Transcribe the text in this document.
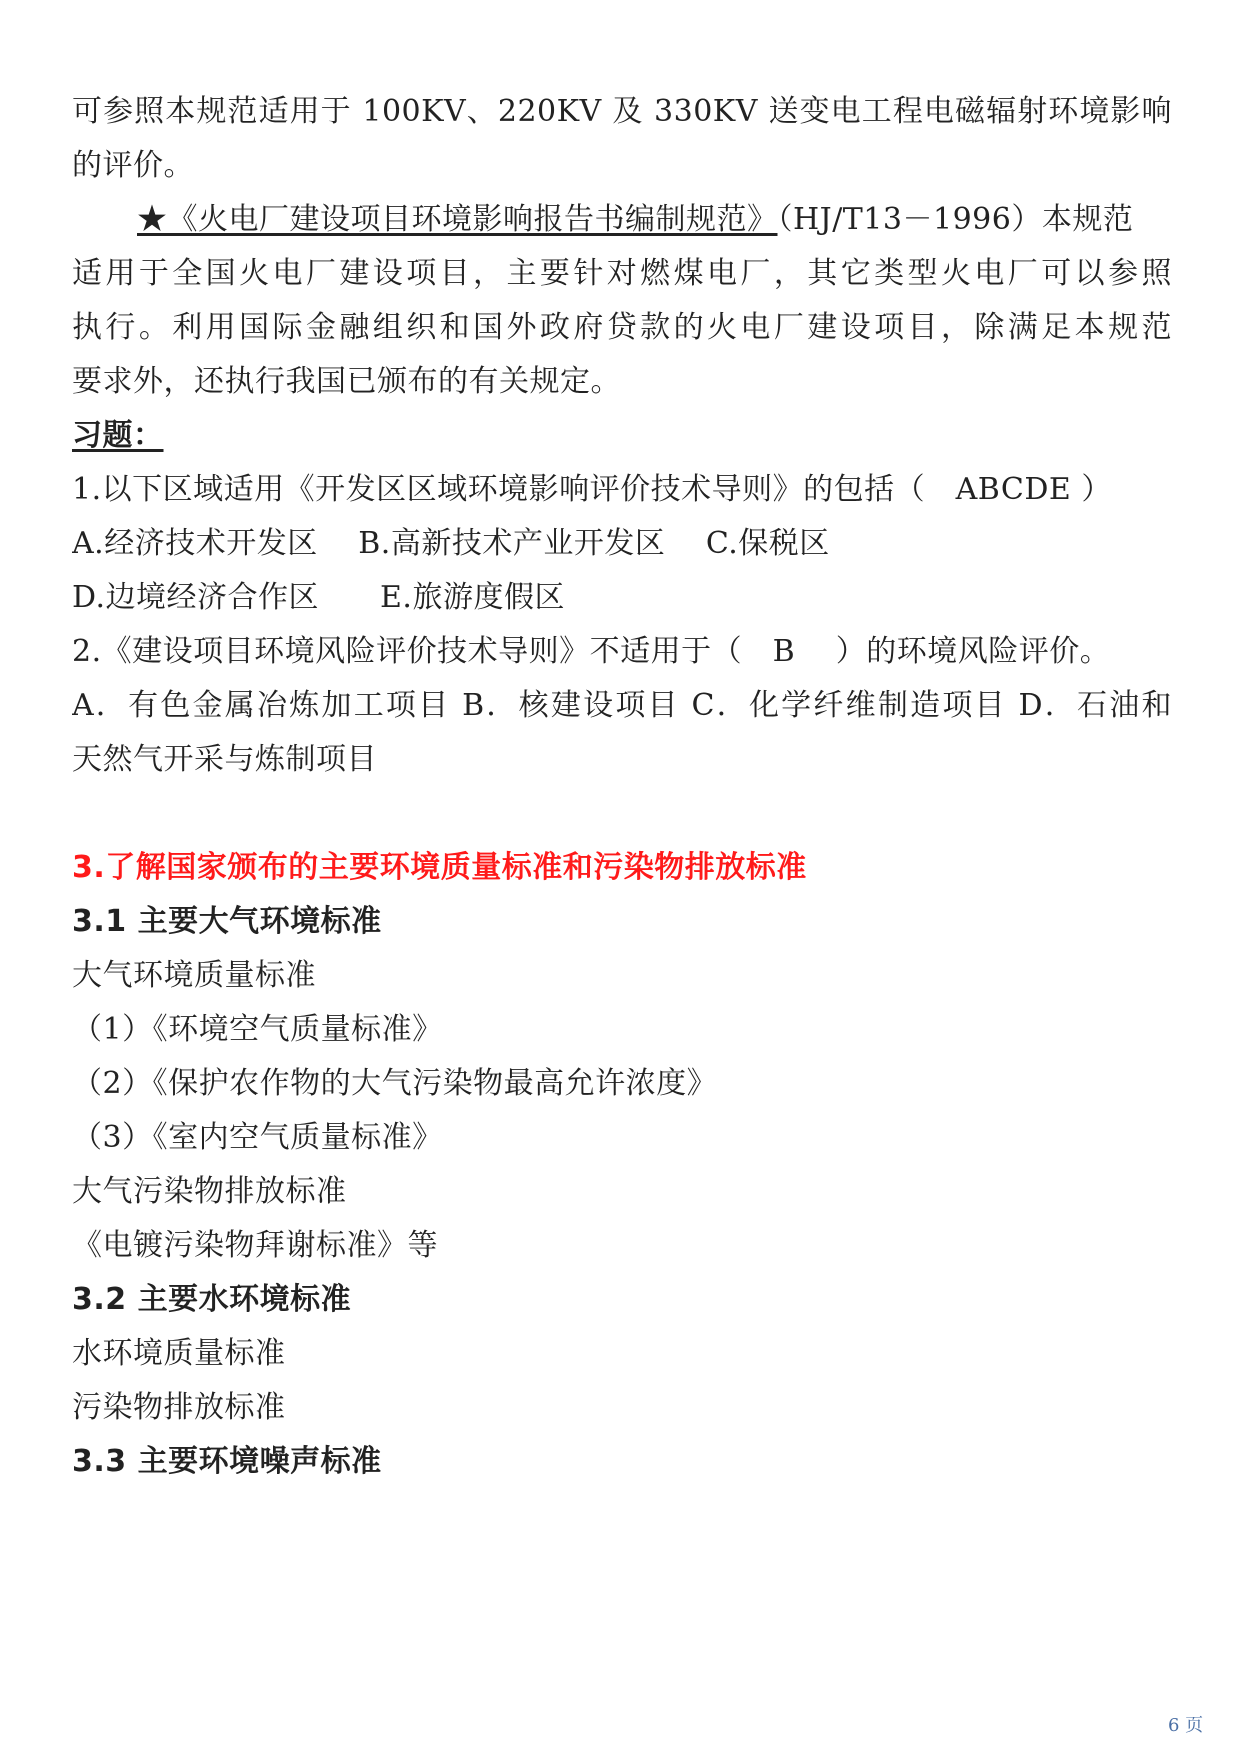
可参照本规范适用于 100KV、220KV 及 330KV 送变电工程电磁辐射环境影响
的评价。
★《火电厂建设项目环境影响报告书编制规范》（HJ/T13－1996）本规范
适用于全国火电厂建设项目，主要针对燃煤电厂，其它类型火电厂可以参照
执行。利用国际金融组织和国外政府贷款的火电厂建设项目，除满足本规范
要求外，还执行我国已颁布的有关规定。
习题：
1.以下区域适用《开发区区域环境影响评价技术导则》的包括（　ABCDE ）
A.经济技术开发区　 B.高新技术产业开发区　 C.保税区
D.边境经济合作区　　E.旅游度假区
2.《建设项目环境风险评价技术导则》不适用于（　B　 ）的环境风险评价。
A．有色金属冶炼加工项目 B．核建设项目 C．化学纤维制造项目 D．石油和
天然气开采与炼制项目
3.了解国家颁布的主要环境质量标准和污染物排放标准
3.1 主要大气环境标准
大气环境质量标准
（1）《环境空气质量标准》
（2）《保护农作物的大气污染物最高允许浓度》
（3）《室内空气质量标准》
大气污染物排放标准
《电镀污染物拜谢标准》等
3.2 主要水环境标准
水环境质量标准
污染物排放标准
3.3 主要环境噪声标准
6 页
